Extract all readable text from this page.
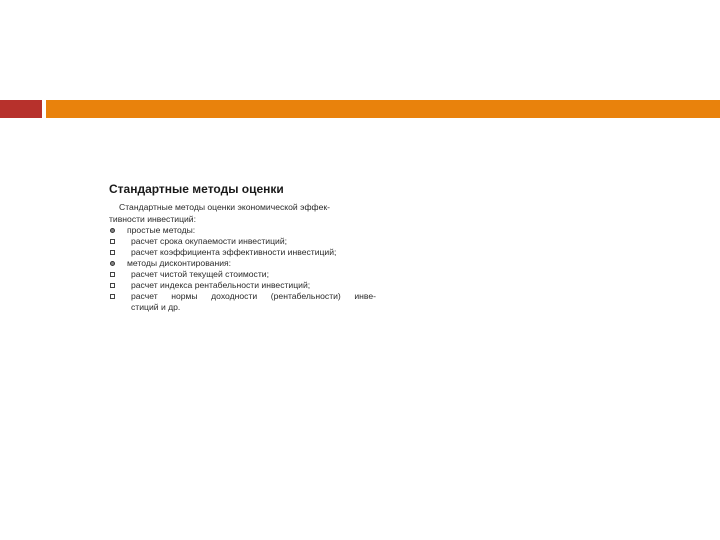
Стандартные методы оценки

Стандартные методы оценки экономической эффек-
тивности инвестиций:

простые методы:
расчет срока окупаемости инвестиций;
расчет коэффициента эффективности инвестиций;
методы дисконтирования:
расчет чистой текущей стоимости;
расчет индекса рентабельности инвестиций;
расчет нормы доходности (рентабельности) инве-
стиций и др.
